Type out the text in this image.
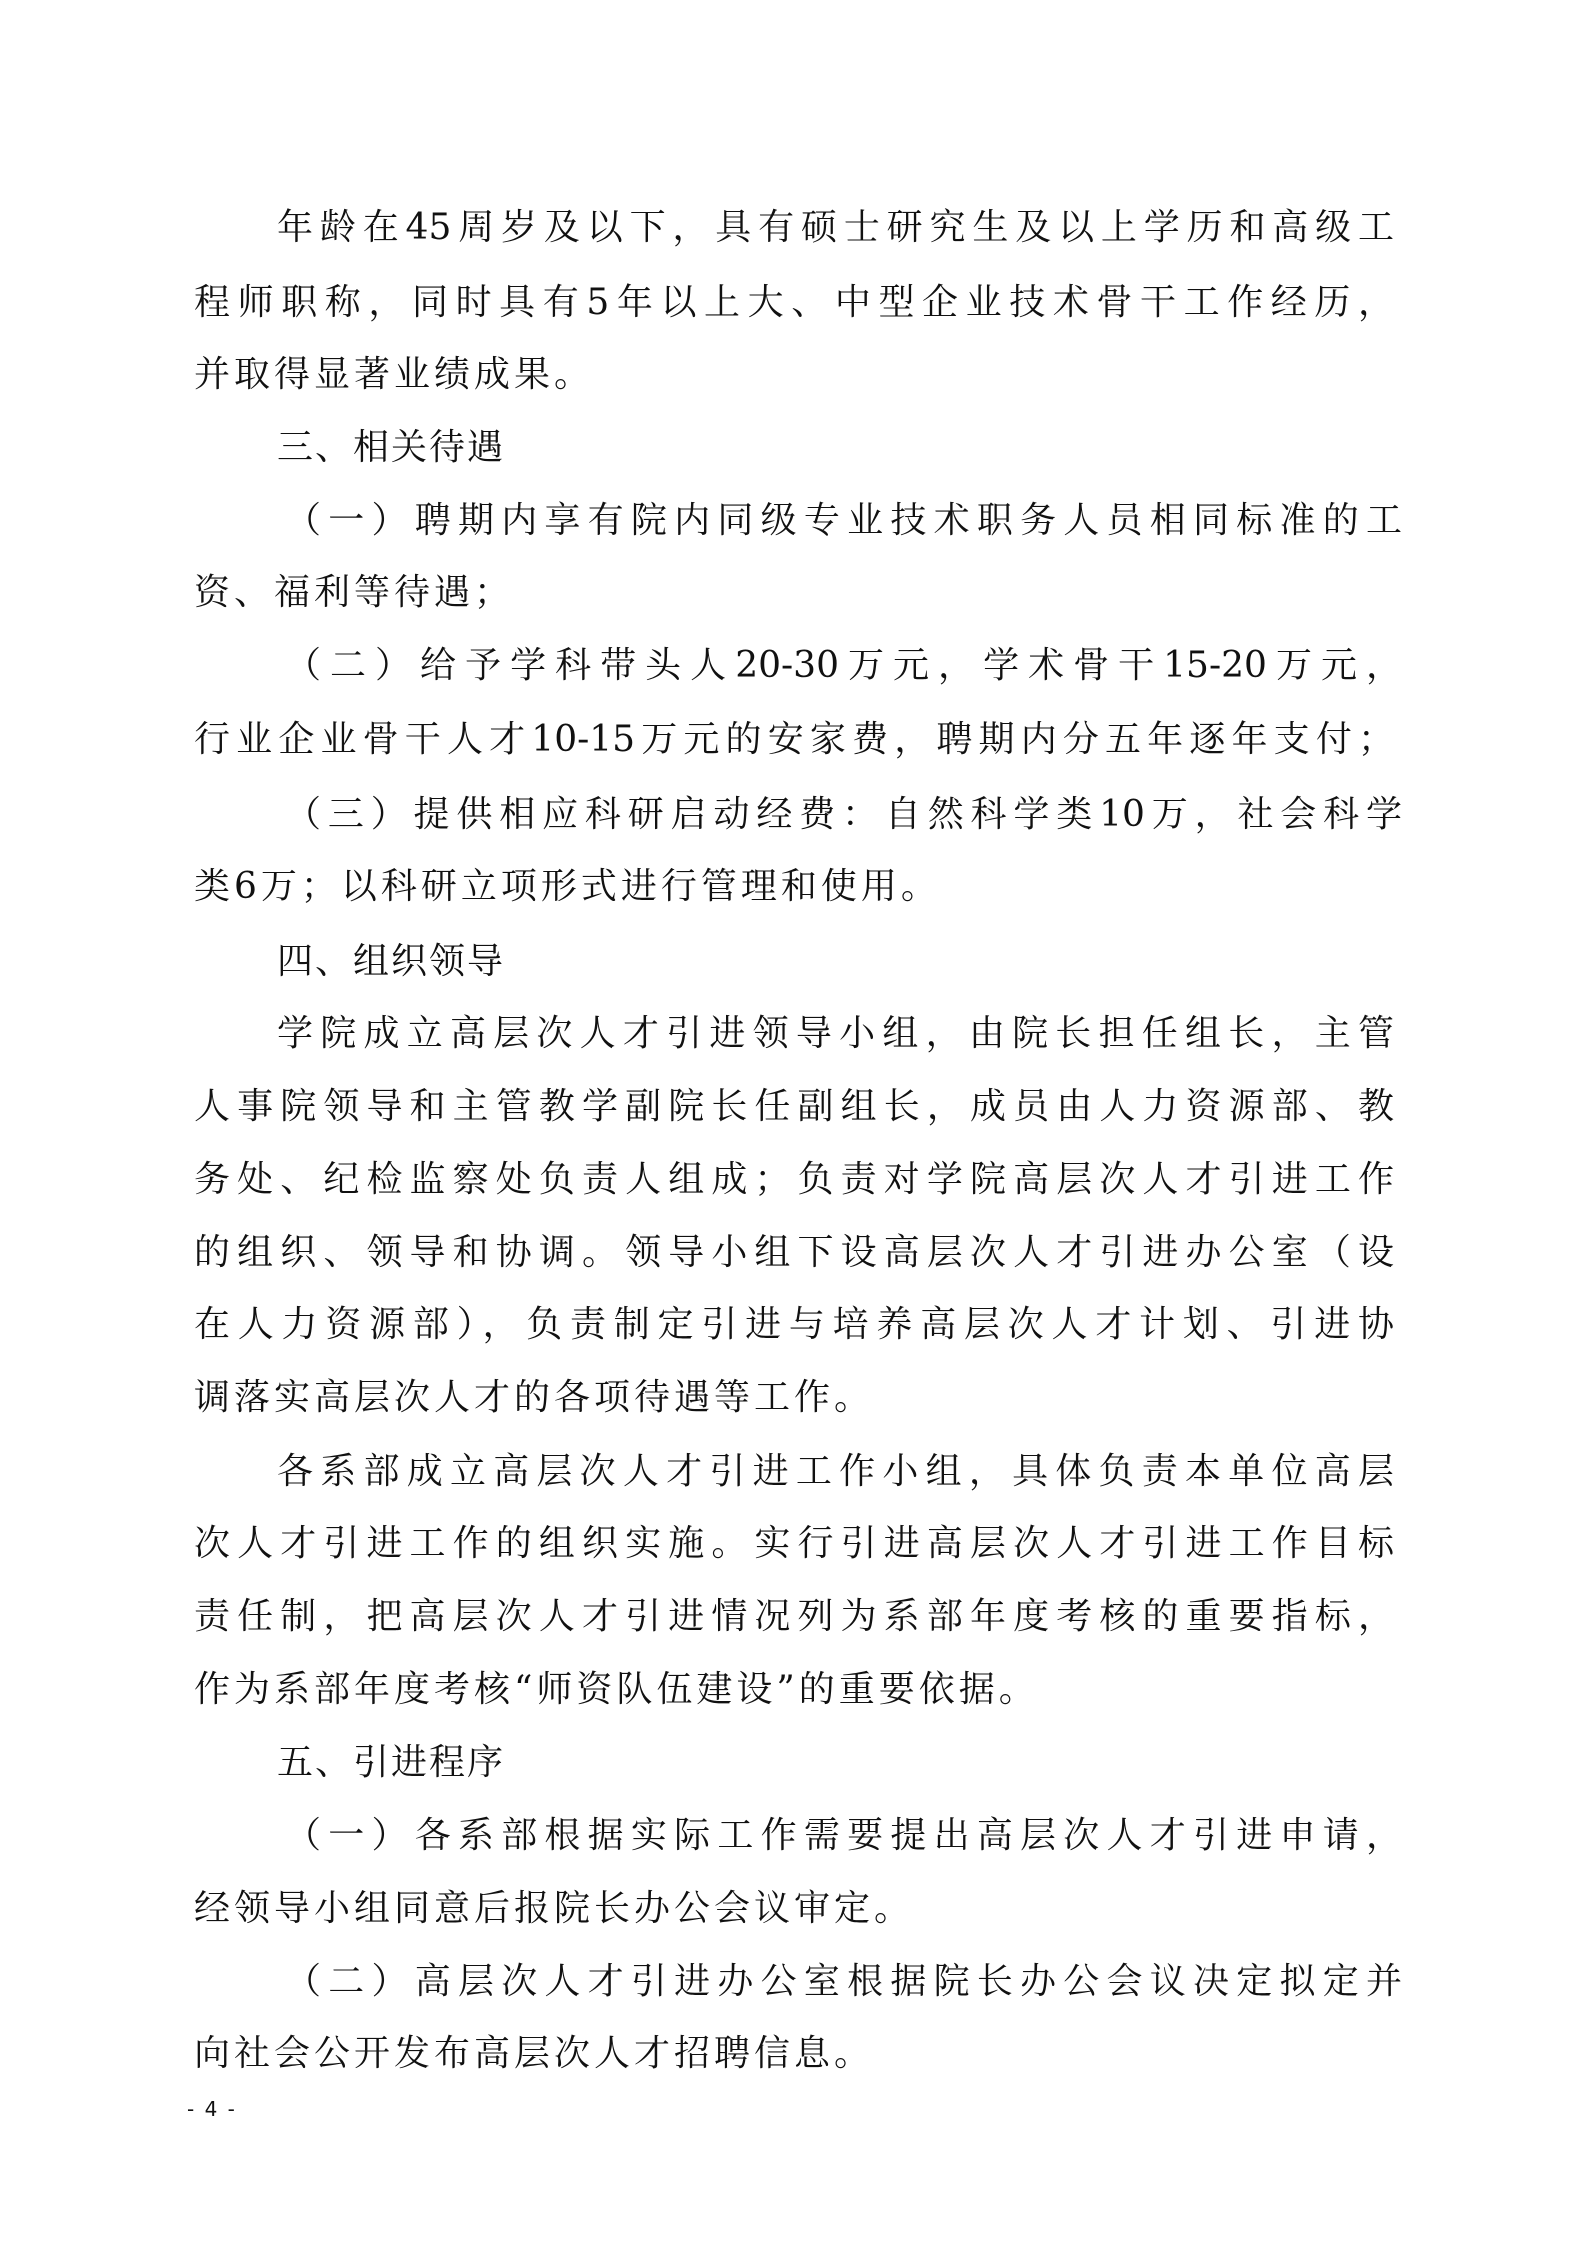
年龄在45周岁及以下，具有硕士研究生及以上学历和高级工
程师职称，同时具有5年以上大、中型企业技术骨干工作经历，
并取得显著业绩成果。
三、相关待遇
（一）聘期内享有院内同级专业技术职务人员相同标准的工
资、福利等待遇；
（二）给予学科带头人20-30万元，学术骨干15-20万元，
行业企业骨干人才10-15万元的安家费，聘期内分五年逐年支付；
（三）提供相应科研启动经费：自然科学类10万，社会科学
类6万；以科研立项形式进行管理和使用。
四、组织领导
学院成立高层次人才引进领导小组，由院长担任组长，主管
人事院领导和主管教学副院长任副组长，成员由人力资源部、教
务处、纪检监察处负责人组成；负责对学院高层次人才引进工作
的组织、领导和协调。领导小组下设高层次人才引进办公室（设
在人力资源部），负责制定引进与培养高层次人才计划、引进协
调落实高层次人才的各项待遇等工作。
各系部成立高层次人才引进工作小组，具体负责本单位高层
次人才引进工作的组织实施。实行引进高层次人才引进工作目标
责任制，把高层次人才引进情况列为系部年度考核的重要指标，
作为系部年度考核“师资队伍建设”的重要依据。
五、引进程序
（一）各系部根据实际工作需要提出高层次人才引进申请，
经领导小组同意后报院长办公会议审定。
（二）高层次人才引进办公室根据院长办公会议决定拟定并
向社会公开发布高层次人才招聘信息。
- 4 -
